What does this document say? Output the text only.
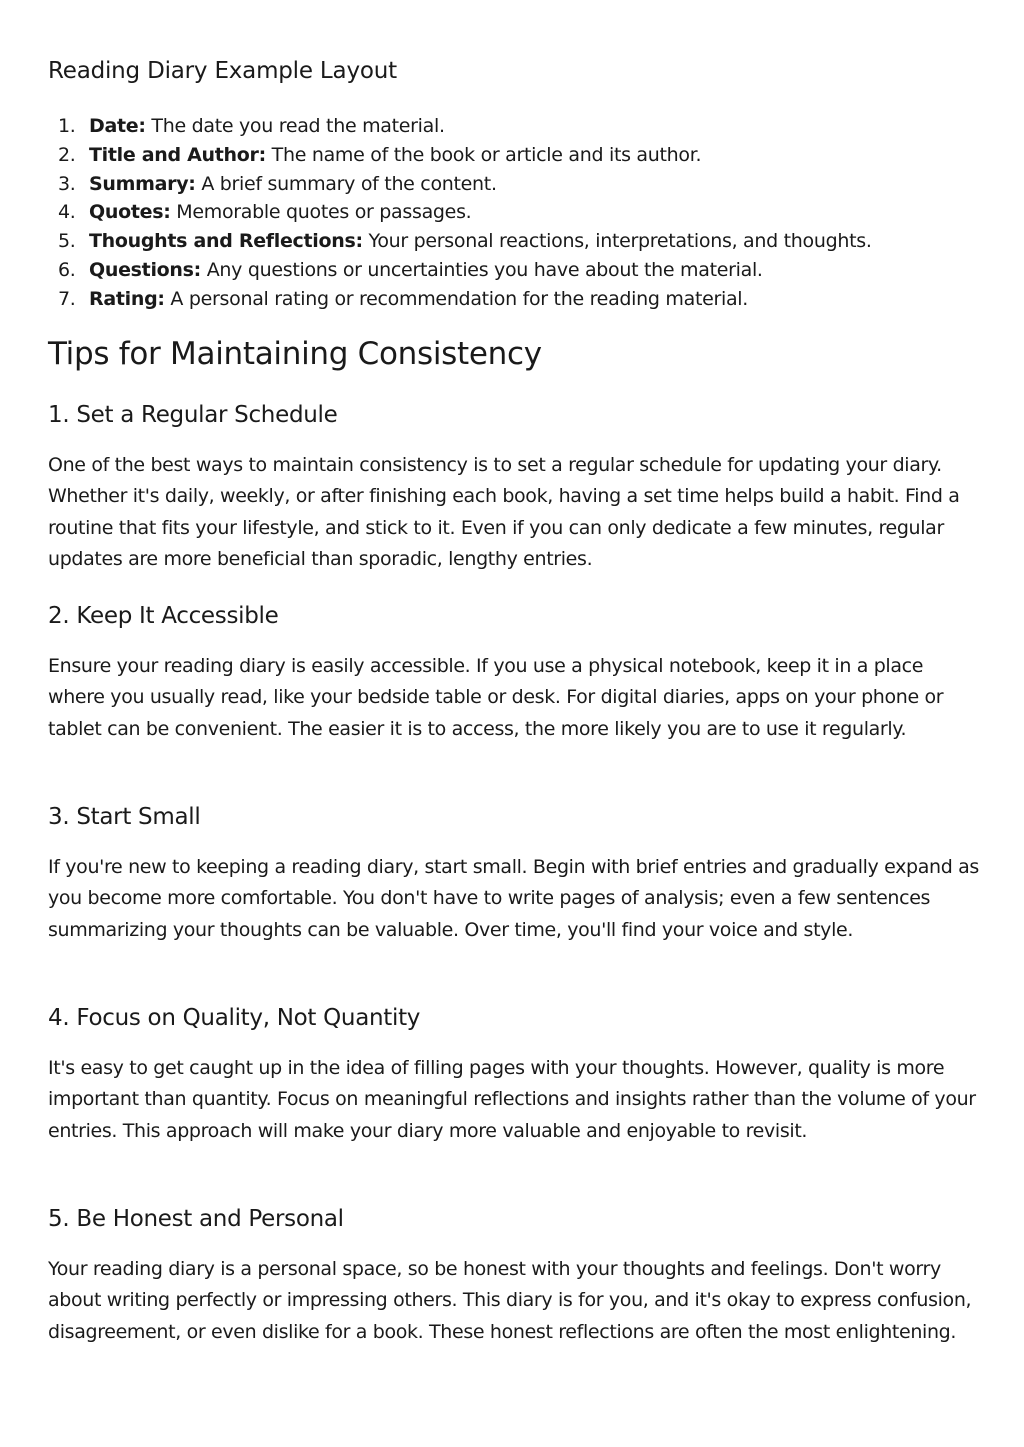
Reading Diary Example Layout
1. Date: The date you read the material.
2. Title and Author: The name of the book or article and its author.
3. Summary: A brief summary of the content.
4. Quotes: Memorable quotes or passages.
5. Thoughts and Reflections: Your personal reactions, interpretations, and thoughts.
6. Questions: Any questions or uncertainties you have about the material.
7. Rating: A personal rating or recommendation for the reading material.
Tips for Maintaining Consistency
1. Set a Regular Schedule

One of the best ways to maintain consistency is to set a regular schedule for updating your diary. Whether it's daily, weekly, or after finishing each book, having a set time helps build a habit. Find a routine that fits your lifestyle, and stick to it. Even if you can only dedicate a few minutes, regular updates are more beneficial than sporadic, lengthy entries.

2. Keep It Accessible

Ensure your reading diary is easily accessible. If you use a physical notebook, keep it in a place where you usually read, like your bedside table or desk. For digital diaries, apps on your phone or tablet can be convenient. The easier it is to access, the more likely you are to use it regularly.

3. Start Small

If you're new to keeping a reading diary, start small. Begin with brief entries and gradually expand as you become more comfortable. You don't have to write pages of analysis; even a few sentences summarizing your thoughts can be valuable. Over time, you'll find your voice and style.

4. Focus on Quality, Not Quantity

It's easy to get caught up in the idea of filling pages with your thoughts. However, quality is more important than quantity. Focus on meaningful reflections and insights rather than the volume of your entries. This approach will make your diary more valuable and enjoyable to revisit.

5. Be Honest and Personal

Your reading diary is a personal space, so be honest with your thoughts and feelings. Don't worry about writing perfectly or impressing others. This diary is for you, and it's okay to express confusion, disagreement, or even dislike for a book. These honest reflections are often the most enlightening.
